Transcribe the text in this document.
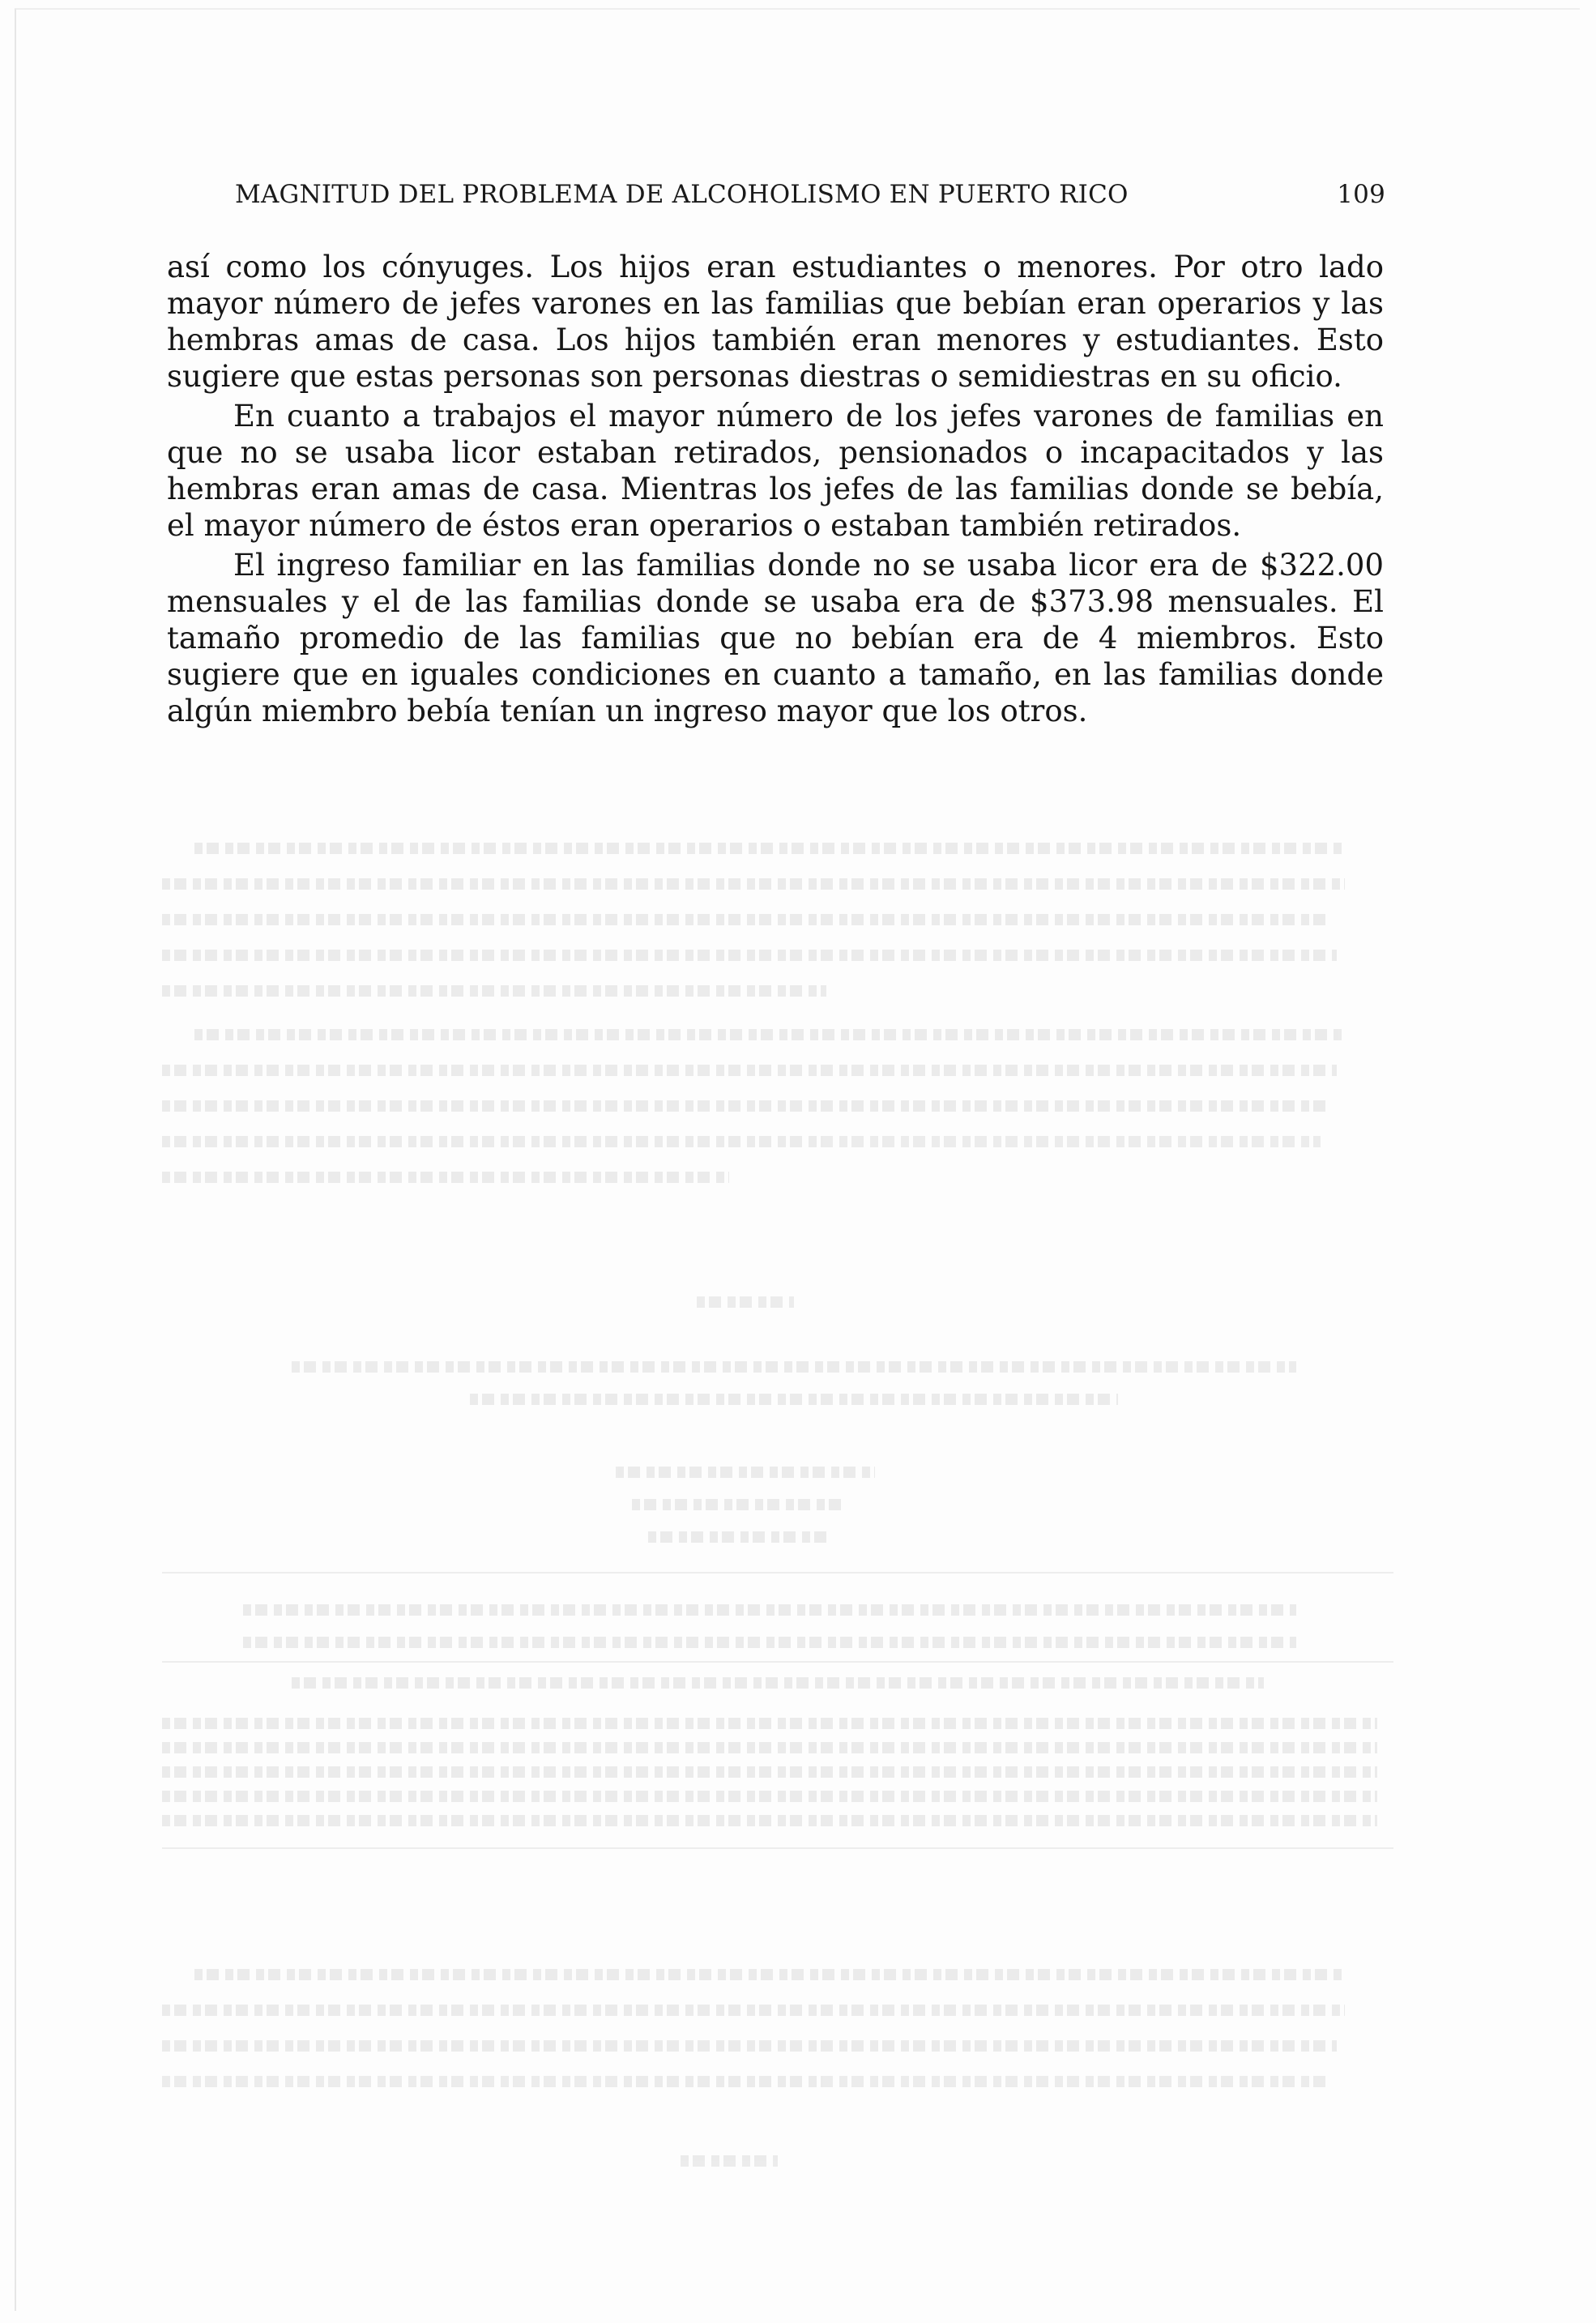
MAGNITUD DEL PROBLEMA DE ALCOHOLISMO EN PUERTO RICO	109

así como los cónyuges. Los hijos eran estudiantes o menores. Por otro lado mayor número de jefes varones en las familias que bebían eran operarios y las hembras amas de casa. Los hijos también eran menores y estudiantes. Esto sugiere que estas personas son personas diestras o semidiestras en su oficio.

En cuanto a trabajos el mayor número de los jefes varones de familias en que no se usaba licor estaban retirados, pensionados o incapacitados y las hembras eran amas de casa. Mientras los jefes de las familias donde se bebía, el mayor número de éstos eran operarios o estaban también retirados.

El ingreso familiar en las familias donde no se usaba licor era de $322.00 mensuales y el de las familias donde se usaba era de $373.98 mensuales. El tamaño promedio de las familias que no bebían era de 4 miembros. Esto sugiere que en iguales condiciones en cuanto a tamaño, en las familias donde algún miembro bebía tenían un ingreso mayor que los otros.
